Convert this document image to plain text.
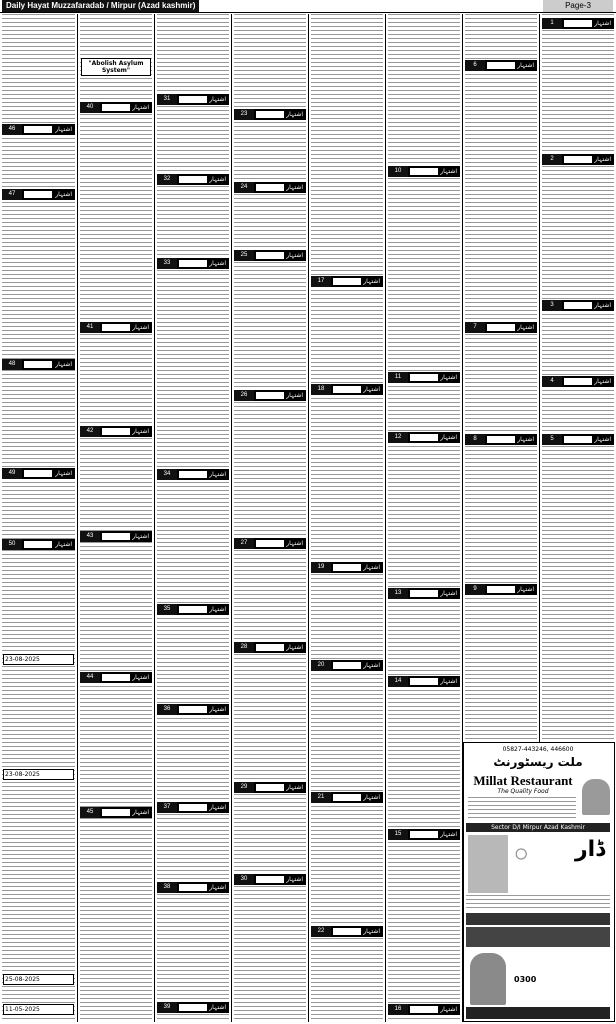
Daily Hayat Muzzafaradab / Mirpur (Azad kashmir)	Page-3
46	اشتہار
47	اشتہار
48	اشتہار
49	اشتہار
50	اشتہار
23-08-2025
23-08-2025
25-08-2025
11-05-2025
"Abolish Asylum System"
40	اشتہار
41	اشتہار
42	اشتہار
43	اشتہار
44	اشتہار
45	اشتہار
31	اشتہار
32	اشتہار
33	اشتہار
34	اشتہار
35	اشتہار
36	اشتہار
37	اشتہار
38	اشتہار
39	اشتہار
23	اشتہار
24	اشتہار
25	اشتہار
26	اشتہار
27	اشتہار
28	اشتہار
29	اشتہار
30	اشتہار
17	اشتہار
18	اشتہار
19	اشتہار
20	اشتہار
21	اشتہار
22	اشتہار
10	اشتہار
11	اشتہار
12	اشتہار
13	اشتہار
14	اشتہار
15	اشتہار
16	اشتہار
6	اشتہار
7	اشتہار
8	اشتہار
9	اشتہار
1	اشتہار
2	اشتہار
3	اشتہار
4	اشتہار
5	اشتہار
05827-443246, 446600
ملت ریسٹورنٹ
Millat Restaurant
The Quality Food
Sector D/I Mirpur Azad Kashmir
ڈار
0300
